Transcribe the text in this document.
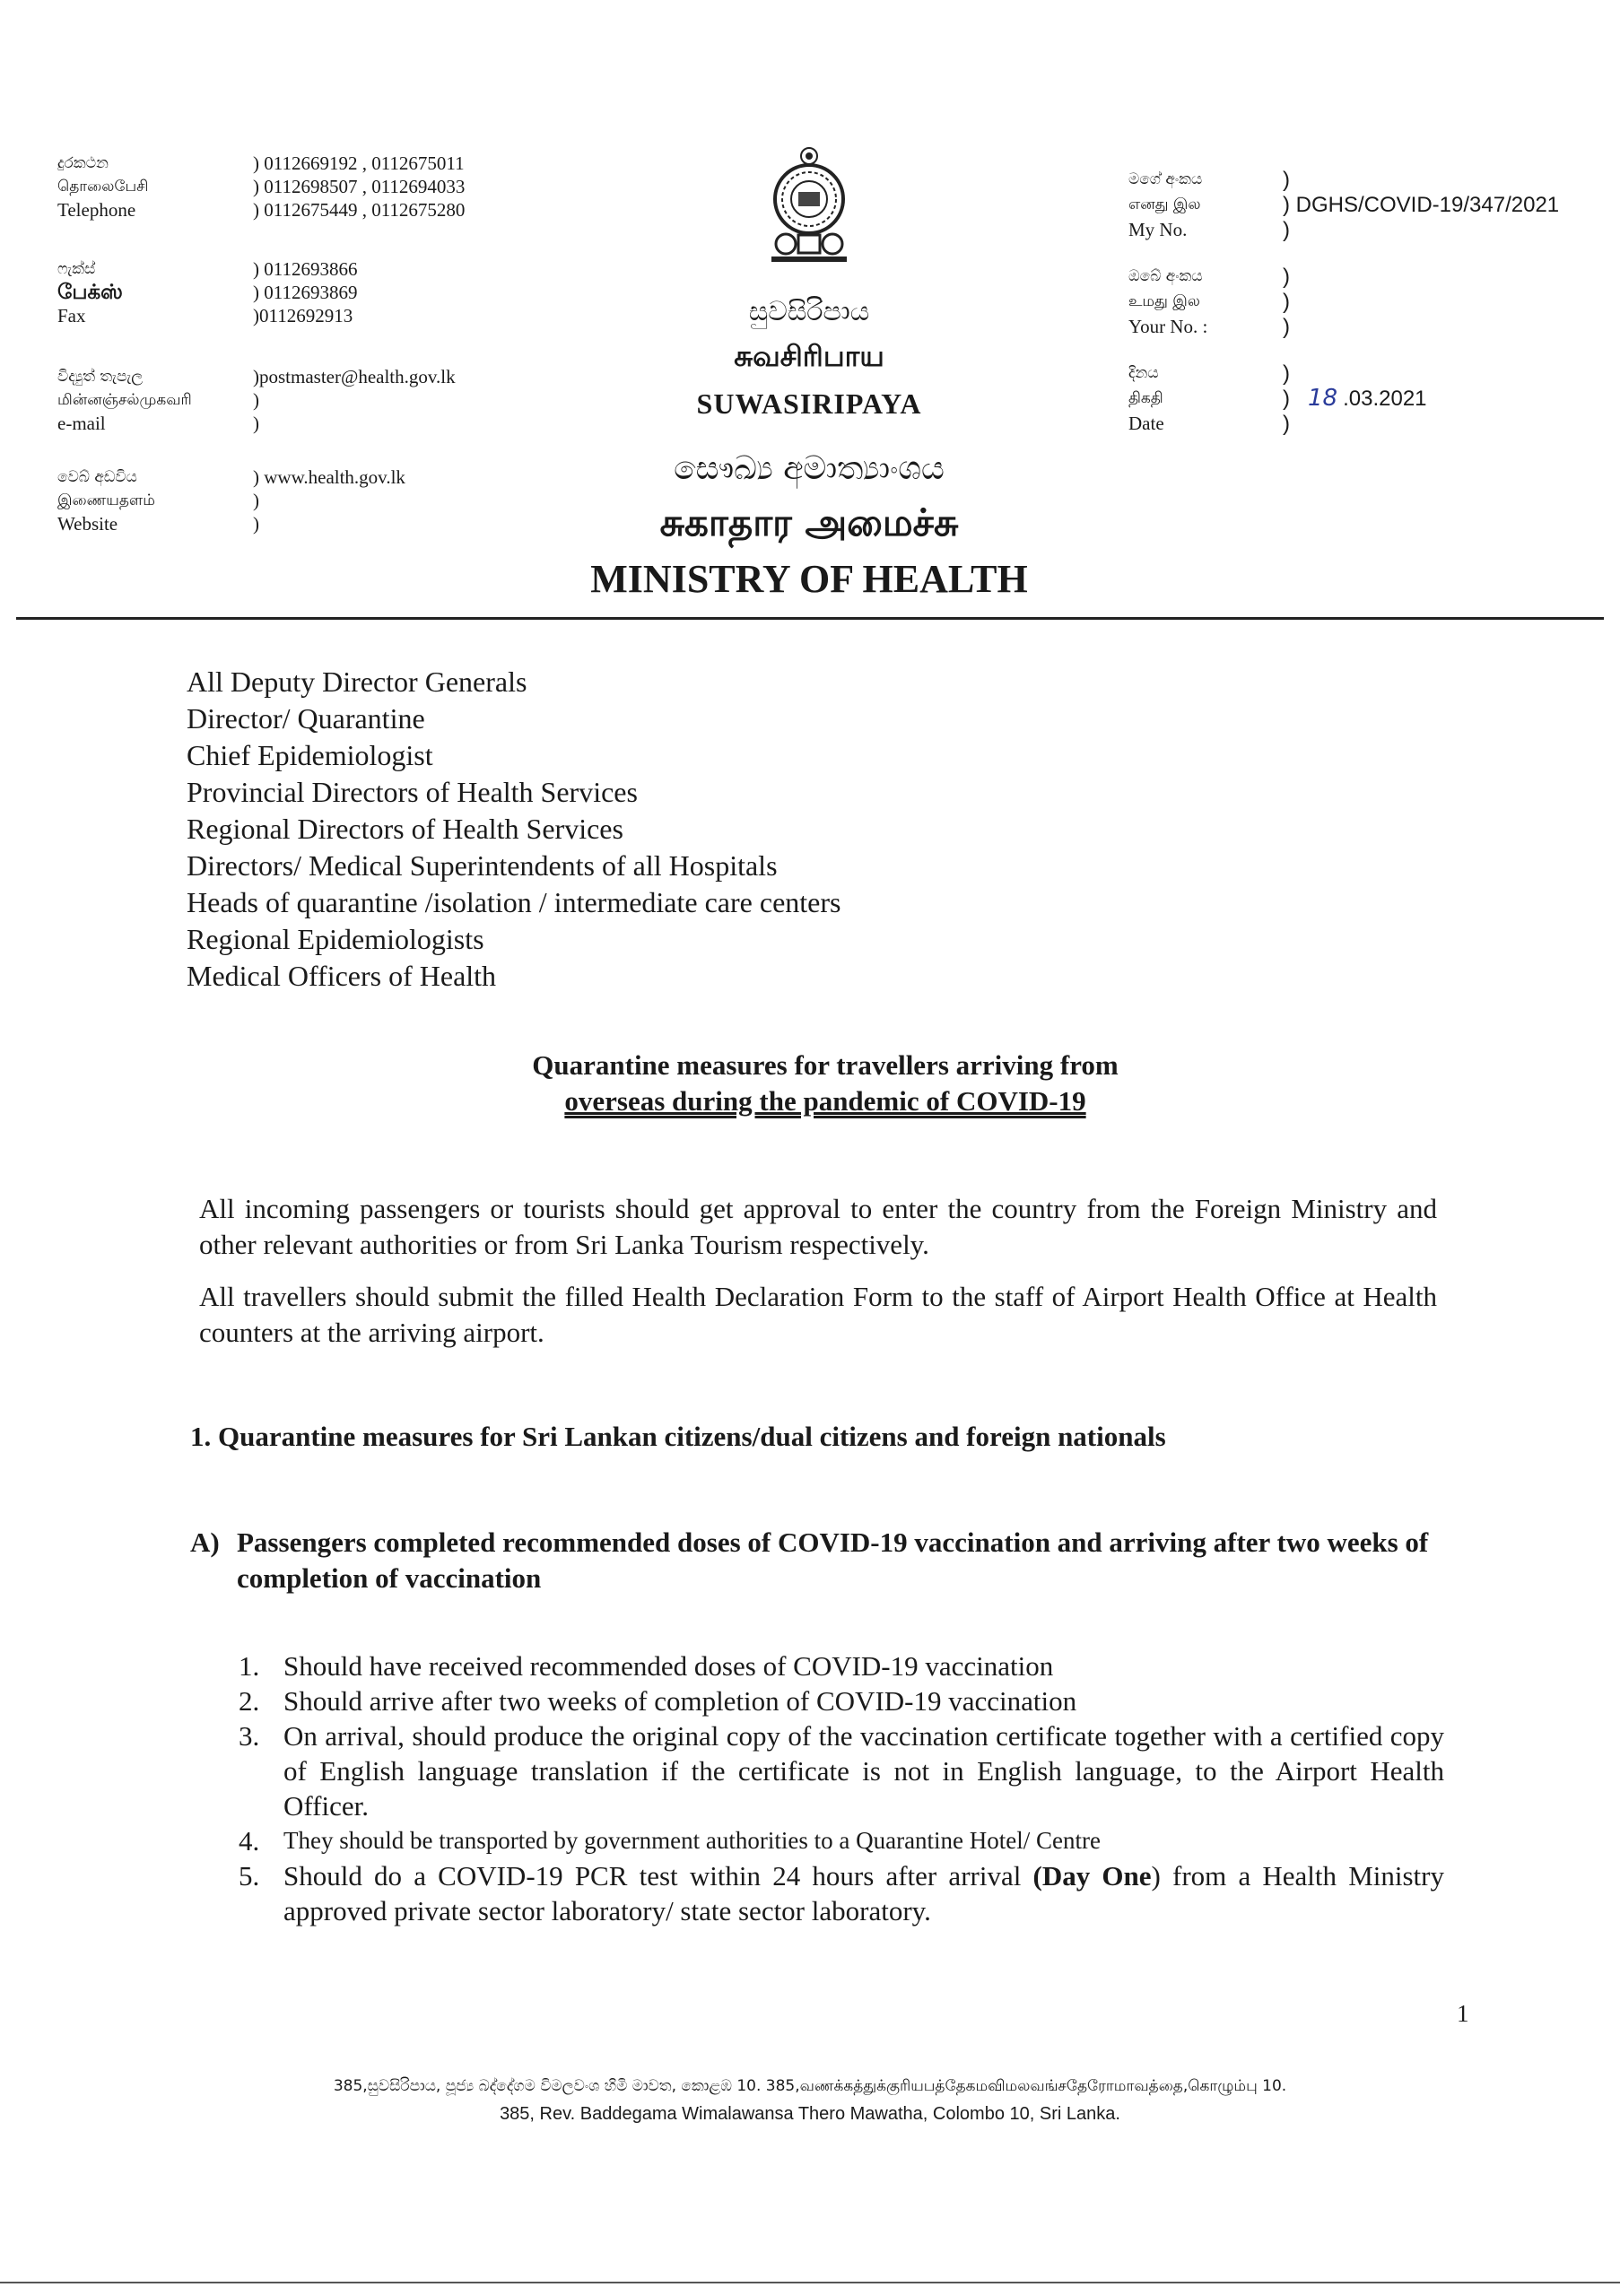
දුරකථන	) 0112669192 , 0112675011
தொலைபேசி	) 0112698507 , 0112694033
Telephone	) 0112675449 , 0112675280
ෆැක්ස්	) 0112693866
பேக்ஸ்	) 0112693869
Fax	)0112692913
විද්‍යුත් තැපැල	)postmaster@health.gov.lk
மின்னஞ்சல்முகவரி	)
e-mail	)
වෙබ් අඩවිය	) www.health.gov.lk
இணையதளம்	)
Website	)
සුවසිරිපාය
சுவசிரிபாய
SUWASIRIPAYA
සෞඛ්‍ය අමාත්‍යාංශය
சுகாதார அமைச்சு
MINISTRY OF HEALTH
මගේ අංකය	)
எனது இல	) DGHS/COVID-19/347/2021
My No.	)
ඔබේ අංකය	)
உமது இல	)
Your No. :	)
දිනය	)
திகதி	) 18 .03.2021
Date	)
All Deputy Director Generals
Director/ Quarantine
Chief Epidemiologist
Provincial Directors of Health Services
Regional Directors of Health Services
Directors/ Medical Superintendents of all Hospitals
Heads of quarantine /isolation / intermediate care centers
Regional Epidemiologists
Medical Officers of Health
Quarantine measures for travellers arriving from
overseas during the pandemic of COVID-19
All incoming passengers or tourists should get approval to enter the country from the Foreign Ministry and other relevant authorities or from Sri Lanka Tourism respectively.
All travellers should submit the filled Health Declaration Form to the staff of Airport Health Office at Health counters at the arriving airport.
1. Quarantine measures for Sri Lankan citizens/dual citizens and foreign nationals
A) Passengers completed recommended doses of COVID-19 vaccination and arriving after two weeks of completion of vaccination
1. Should have received recommended doses of COVID-19 vaccination
2. Should arrive after two weeks of completion of COVID-19 vaccination
3. On arrival, should produce the original copy of the vaccination certificate together with a certified copy of English language translation if the certificate is not in English language, to the Airport Health Officer.
4. They should be transported by government authorities to a Quarantine Hotel/ Centre
5. Should do a COVID-19 PCR test within 24 hours after arrival (Day One) from a Health Ministry approved private sector laboratory/ state sector laboratory.
1
385,සුවසිරිපාය, පූජ්‍ය බද්දේගම විමලවංශ හිමි මාවත, කොළඹ 10. 385,வணக்கத்துக்குரியபத்தேகமவிமலவங்சதேரோமாவத்தை,கொழும்பு 10.
385, Rev. Baddegama Wimalawansa Thero Mawatha, Colombo 10, Sri Lanka.
